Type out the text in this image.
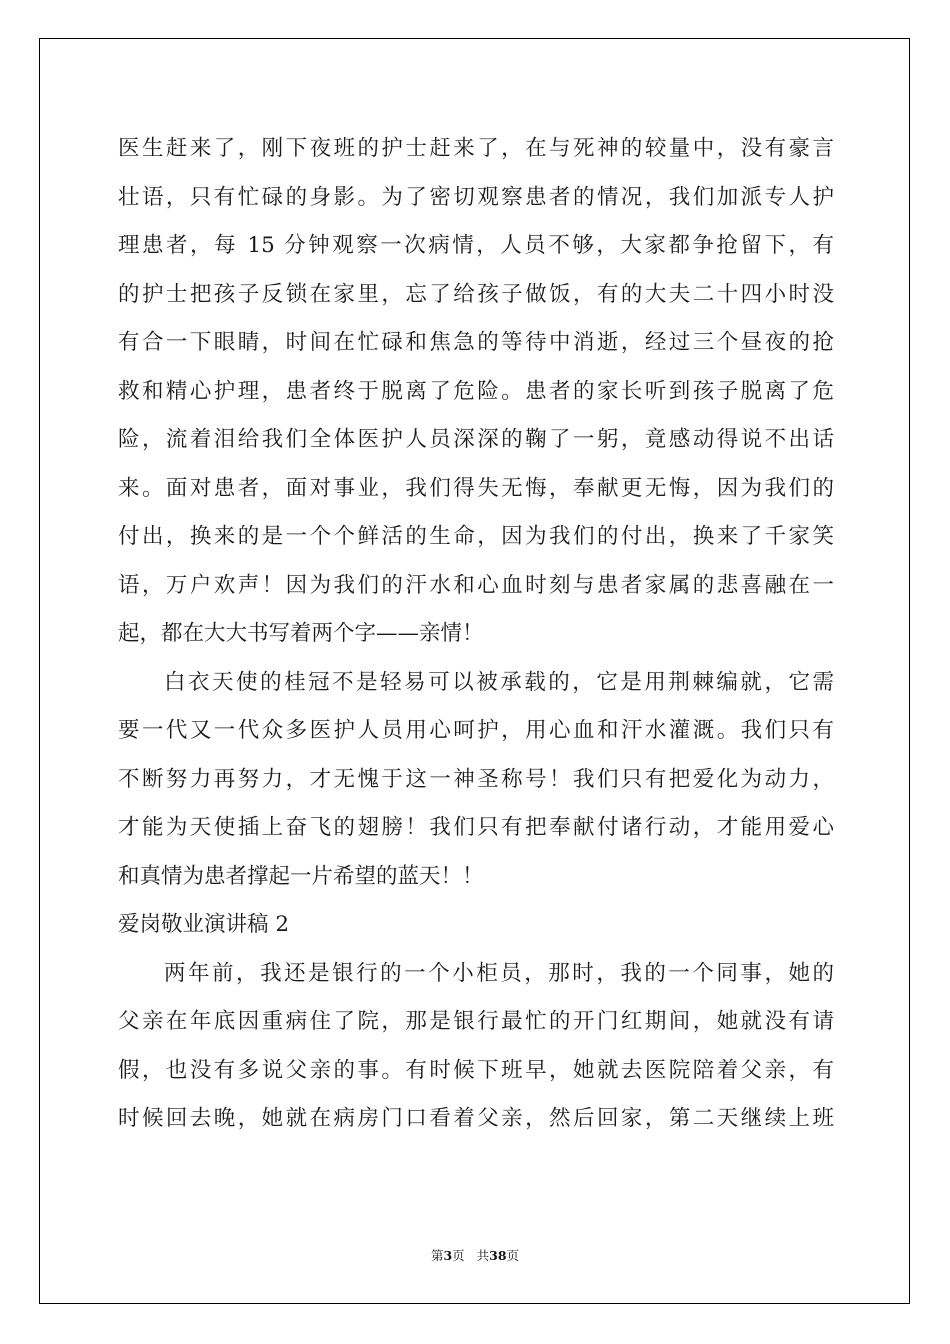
医生赶来了，刚下夜班的护士赶来了，在与死神的较量中，没有豪言
壮语，只有忙碌的身影。为了密切观察患者的情况，我们加派专人护
理患者，每 15 分钟观察一次病情，人员不够，大家都争抢留下，有
的护士把孩子反锁在家里，忘了给孩子做饭，有的大夫二十四小时没
有合一下眼睛，时间在忙碌和焦急的等待中消逝，经过三个昼夜的抢
救和精心护理，患者终于脱离了危险。患者的家长听到孩子脱离了危
险，流着泪给我们全体医护人员深深的鞠了一躬，竟感动得说不出话
来。面对患者，面对事业，我们得失无悔，奉献更无悔，因为我们的
付出，换来的是一个个鲜活的生命，因为我们的付出，换来了千家笑
语，万户欢声！因为我们的汗水和心血时刻与患者家属的悲喜融在一
起，都在大大书写着两个字——亲情！
白衣天使的桂冠不是轻易可以被承载的，它是用荆棘编就，它需
要一代又一代众多医护人员用心呵护，用心血和汗水灌溉。我们只有
不断努力再努力，才无愧于这一神圣称号！我们只有把爱化为动力，
才能为天使插上奋飞的翅膀！我们只有把奉献付诸行动，才能用爱心
和真情为患者撑起一片希望的蓝天！！
爱岗敬业演讲稿 2
两年前，我还是银行的一个小柜员，那时，我的一个同事，她的
父亲在年底因重病住了院，那是银行最忙的开门红期间，她就没有请
假，也没有多说父亲的事。有时候下班早，她就去医院陪着父亲，有
时候回去晚，她就在病房门口看着父亲，然后回家，第二天继续上班
第3页 共38页
